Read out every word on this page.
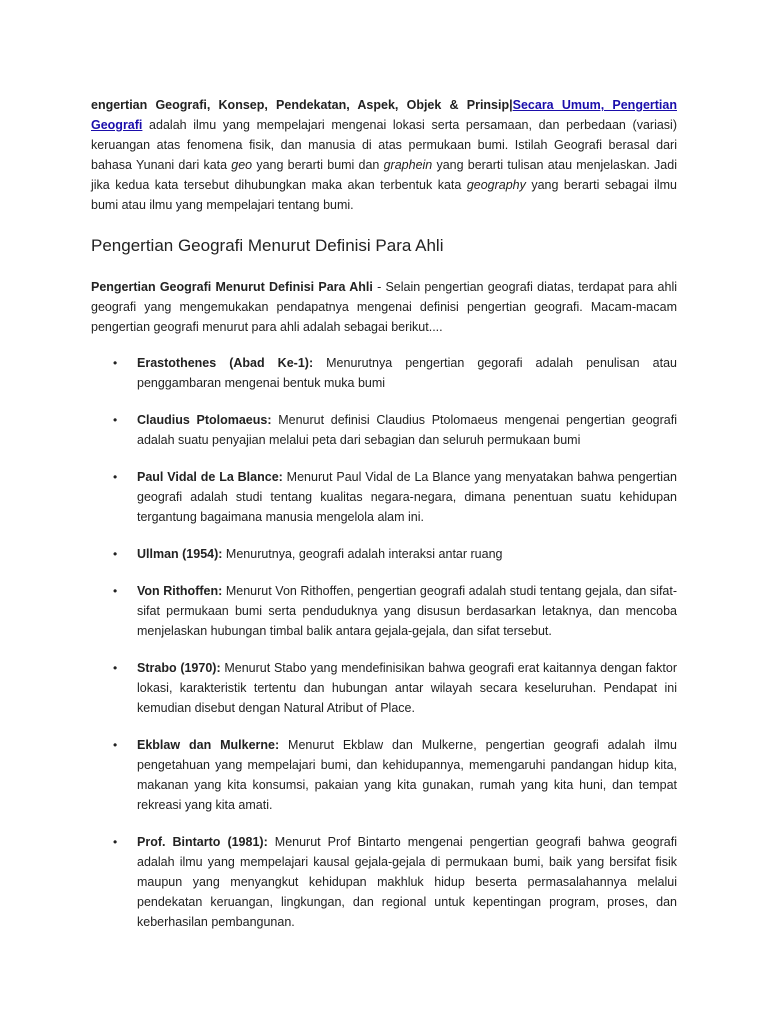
engertian Geografi, Konsep, Pendekatan, Aspek, Objek & Prinsip|Secara Umum, Pengertian Geografi adalah ilmu yang mempelajari mengenai lokasi serta persamaan, dan perbedaan (variasi) keruangan atas fenomena fisik, dan manusia di atas permukaan bumi. Istilah Geografi berasal dari bahasa Yunani dari kata geo yang berarti bumi dan graphein yang berarti tulisan atau menjelaskan. Jadi jika kedua kata tersebut dihubungkan maka akan terbentuk kata geography yang berarti sebagai ilmu bumi atau ilmu yang mempelajari tentang bumi.

Pengertian Geografi Menurut Definisi Para Ahli

Pengertian Geografi Menurut Definisi Para Ahli - Selain pengertian geografi diatas, terdapat para ahli geografi yang mengemukakan pendapatnya mengenai definisi pengertian geografi. Macam-macam pengertian geografi menurut para ahli adalah sebagai berikut....

• Erastothenes (Abad Ke-1): Menurutnya pengertian gegorafi adalah penulisan atau penggambaran mengenai bentuk muka bumi
• Claudius Ptolomaeus: Menurut definisi Claudius Ptolomaeus mengenai pengertian geografi adalah suatu penyajian melalui peta dari sebagian dan seluruh permukaan bumi
• Paul Vidal de La Blance: Menurut Paul Vidal de La Blance yang menyatakan bahwa pengertian geografi adalah studi tentang kualitas negara-negara, dimana penentuan suatu kehidupan tergantung bagaimana manusia mengelola alam ini.
• Ullman (1954): Menurutnya, geografi adalah interaksi antar ruang
• Von Rithoffen: Menurut Von Rithoffen, pengertian geografi adalah studi tentang gejala, dan sifat-sifat permukaan bumi serta penduduknya yang disusun berdasarkan letaknya, dan mencoba menjelaskan hubungan timbal balik antara gejala-gejala, dan sifat tersebut.
• Strabo (1970): Menurut Stabo yang mendefinisikan bahwa geografi erat kaitannya dengan faktor lokasi, karakteristik tertentu dan hubungan antar wilayah secara keseluruhan. Pendapat ini kemudian disebut dengan Natural Atribut of Place.
• Ekblaw dan Mulkerne: Menurut Ekblaw dan Mulkerne, pengertian geografi adalah ilmu pengetahuan yang mempelajari bumi, dan kehidupannya, memengaruhi pandangan hidup kita, makanan yang kita konsumsi, pakaian yang kita gunakan, rumah yang kita huni, dan tempat rekreasi yang kita amati.
• Prof. Bintarto (1981): Menurut Prof Bintarto mengenai pengertian geografi bahwa geografi adalah ilmu yang mempelajari kausal gejala-gejala di permukaan bumi, baik yang bersifat fisik maupun yang menyangkut kehidupan makhluk hidup beserta permasalahannya melalui pendekatan keruangan, lingkungan, dan regional untuk kepentingan program, proses, dan keberhasilan pembangunan.
